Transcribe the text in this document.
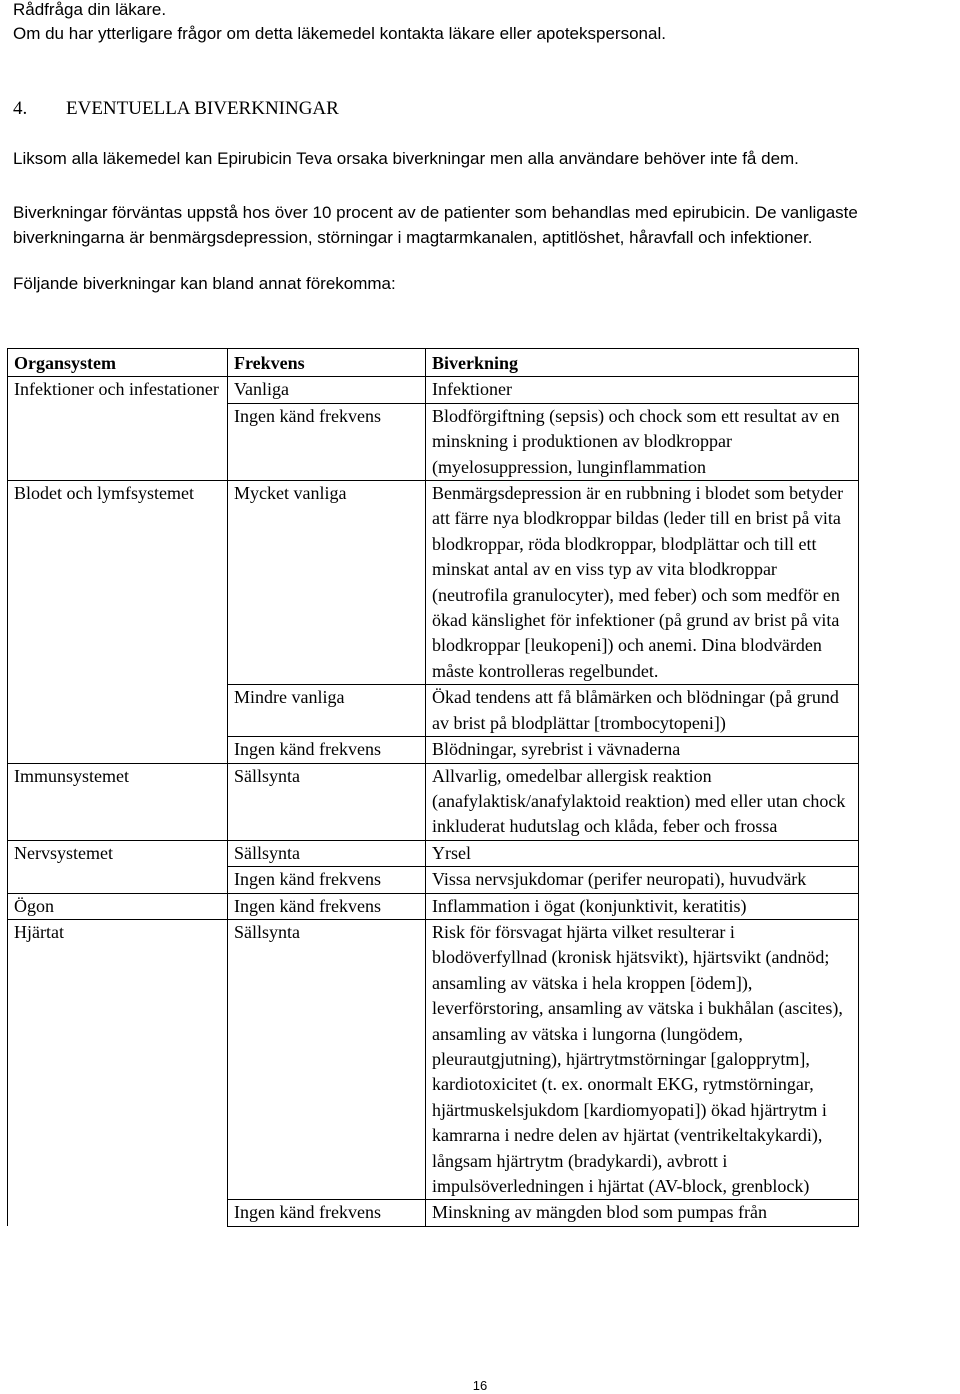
Rådfråga din läkare.
Om du har ytterligare frågor om detta läkemedel kontakta läkare eller apotekspersonal.
4. EVENTUELLA BIVERKNINGAR
Liksom alla läkemedel kan Epirubicin Teva orsaka biverkningar men alla användare behöver inte få dem.
Biverkningar förväntas uppstå hos över 10 procent av de patienter som behandlas med epirubicin. De vanligaste biverkningarna är benmärgsdepression, störningar i magtarmkanalen, aptitlöshet, håravfall och infektioner.
Följande biverkningar kan bland annat förekomma:
Organsystem	Frekvens	Biverkning
Infektioner och infestationer	Vanliga	Infektioner
	Ingen känd frekvens	Blodförgiftning (sepsis) och chock som ett resultat av en minskning i produktionen av blodkroppar (myelosuppression, lunginflammation
Blodet och lymfsystemet	Mycket vanliga	Benmärgsdepression är en rubbning i blodet som betyder att färre nya blodkroppar bildas (leder till en brist på vita blodkroppar, röda blodkroppar, blodplättar och till ett minskat antal av en viss typ av vita blodkroppar (neutrofila granulocyter), med feber) och som medför en ökad känslighet för infektioner (på grund av brist på vita blodkroppar [leukopeni]) och anemi. Dina blodvärden måste kontrolleras regelbundet.
	Mindre vanliga	Ökad tendens att få blåmärken och blödningar (på grund av brist på blodplättar [trombocytopeni])
	Ingen känd frekvens	Blödningar, syrebrist i vävnaderna
Immunsystemet	Sällsynta	Allvarlig, omedelbar allergisk reaktion (anafylaktisk/anafylaktoid reaktion) med eller utan chock inkluderat hudutslag och klåda, feber och frossa
Nervsystemet	Sällsynta	Yrsel
	Ingen känd frekvens	Vissa nervsjukdomar (perifer neuropati), huvudvärk
Ögon	Ingen känd frekvens	Inflammation i ögat (konjunktivit, keratitis)
Hjärtat	Sällsynta	Risk för försvagat hjärta vilket resulterar i blodöverfyllnad (kronisk hjätsvikt), hjärtsvikt (andnöd; ansamling av vätska i hela kroppen [ödem]), leverförstoring, ansamling av vätska i bukhålan (ascites), ansamling av vätska i lungorna (lungödem, pleurautgjutning), hjärtrytmstörningar [galopprytm], kardiotoxicitet (t. ex. onormalt EKG, rytmstörningar, hjärtmuskelsjukdom [kardiomyopati]) ökad hjärtrytm i kamrarna i nedre delen av hjärtat (ventrikeltakykardi), långsam hjärtrytm (bradykardi), avbrott i impulsöverledningen i hjärtat (AV-block, grenblock)
	Ingen känd frekvens	Minskning av mängden blod som pumpas från
16
